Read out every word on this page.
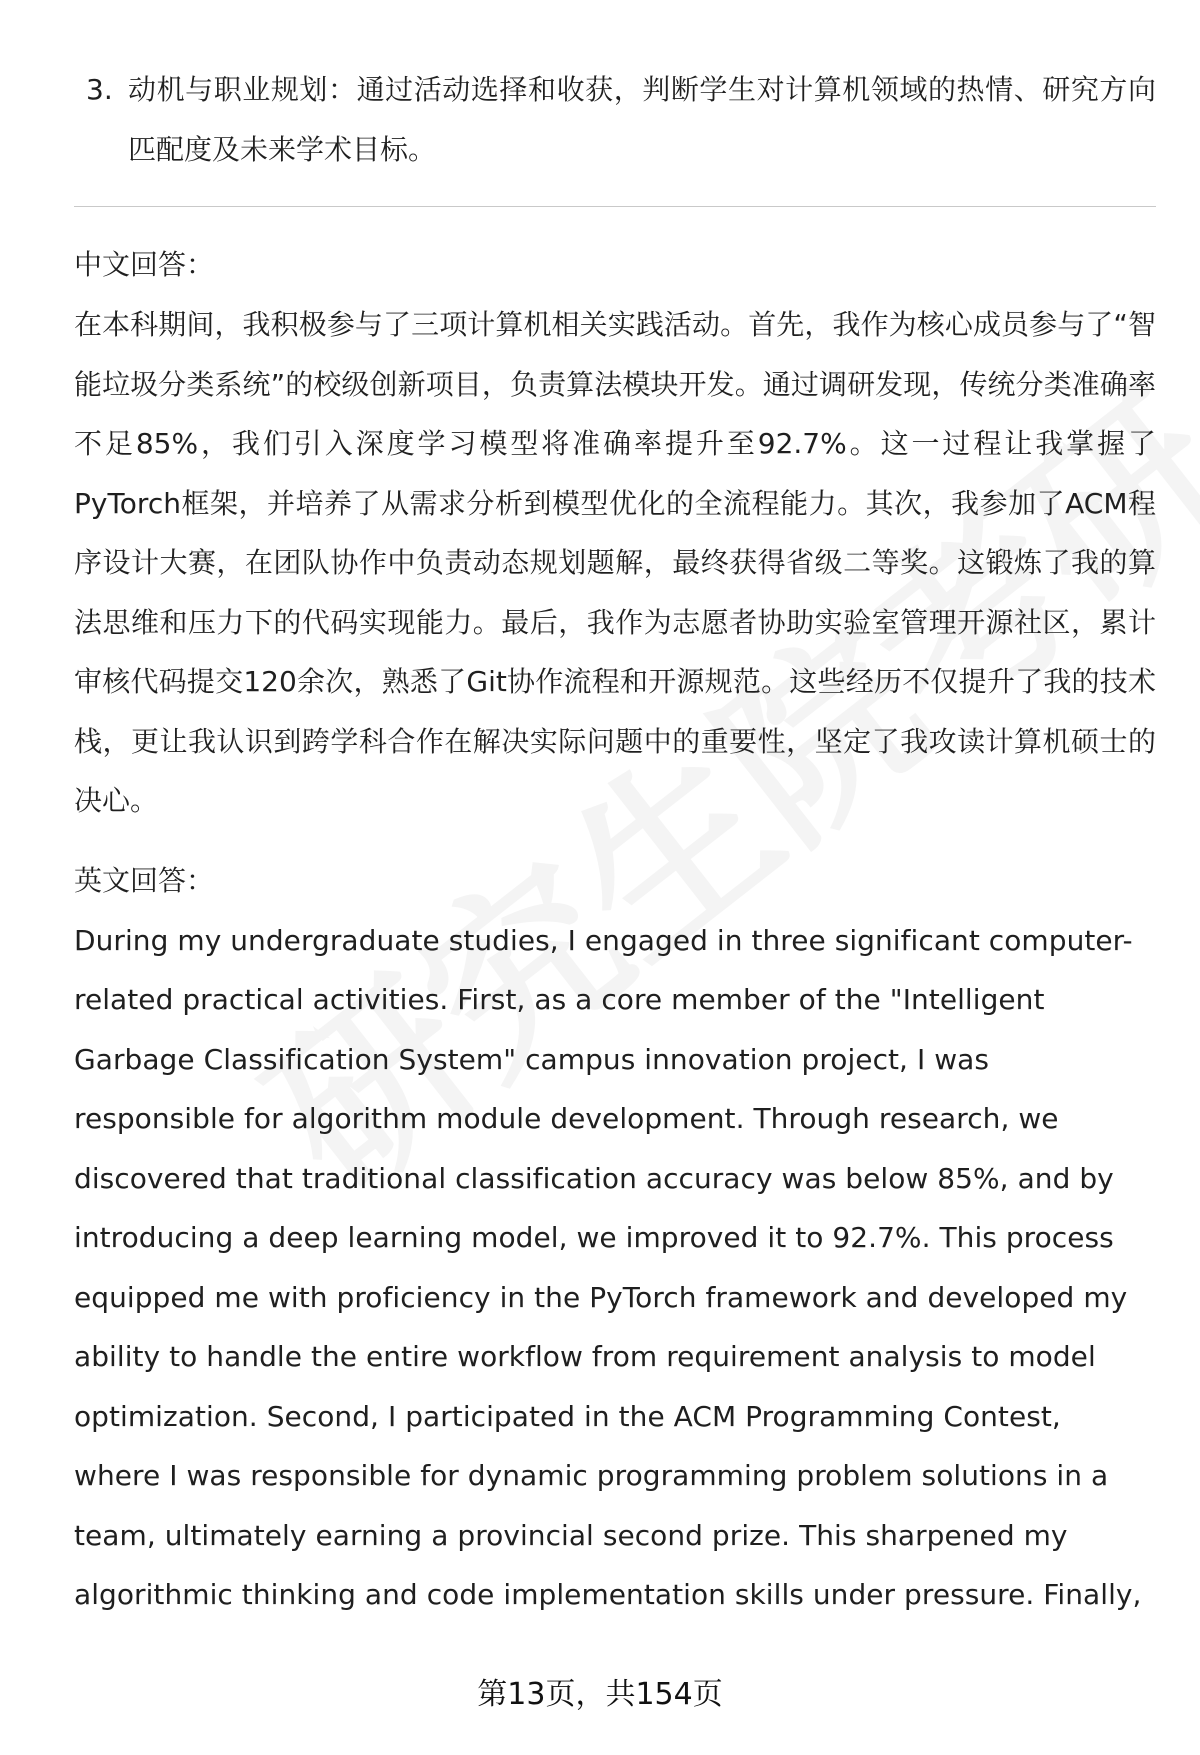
3. 动机与职业规划：通过活动选择和收获，判断学生对计算机领域的热情、研究方向匹配度及未来学术目标。

中文回答：

在本科期间，我积极参与了三项计算机相关实践活动。首先，我作为核心成员参与了“智能垃圾分类系统”的校级创新项目，负责算法模块开发。通过调研发现，传统分类准确率不足85%，我们引入深度学习模型将准确率提升至92.7%。这一过程让我掌握了PyTorch框架，并培养了从需求分析到模型优化的全流程能力。其次，我参加了ACM程序设计大赛，在团队协作中负责动态规划题解，最终获得省级二等奖。这锻炼了我的算法思维和压力下的代码实现能力。最后，我作为志愿者协助实验室管理开源社区，累计审核代码提交120余次，熟悉了Git协作流程和开源规范。这些经历不仅提升了我的技术栈，更让我认识到跨学科合作在解决实际问题中的重要性，坚定了我攻读计算机硕士的决心。

英文回答：

During my undergraduate studies, I engaged in three significant computer-related practical activities. First, as a core member of the "Intelligent Garbage Classification System" campus innovation project, I was responsible for algorithm module development. Through research, we discovered that traditional classification accuracy was below 85%, and by introducing a deep learning model, we improved it to 92.7%. This process equipped me with proficiency in the PyTorch framework and developed my ability to handle the entire workflow from requirement analysis to model optimization. Second, I participated in the ACM Programming Contest, where I was responsible for dynamic programming problem solutions in a team, ultimately earning a provincial second prize. This sharpened my algorithmic thinking and code implementation skills under pressure. Finally,

第13页，共154页
